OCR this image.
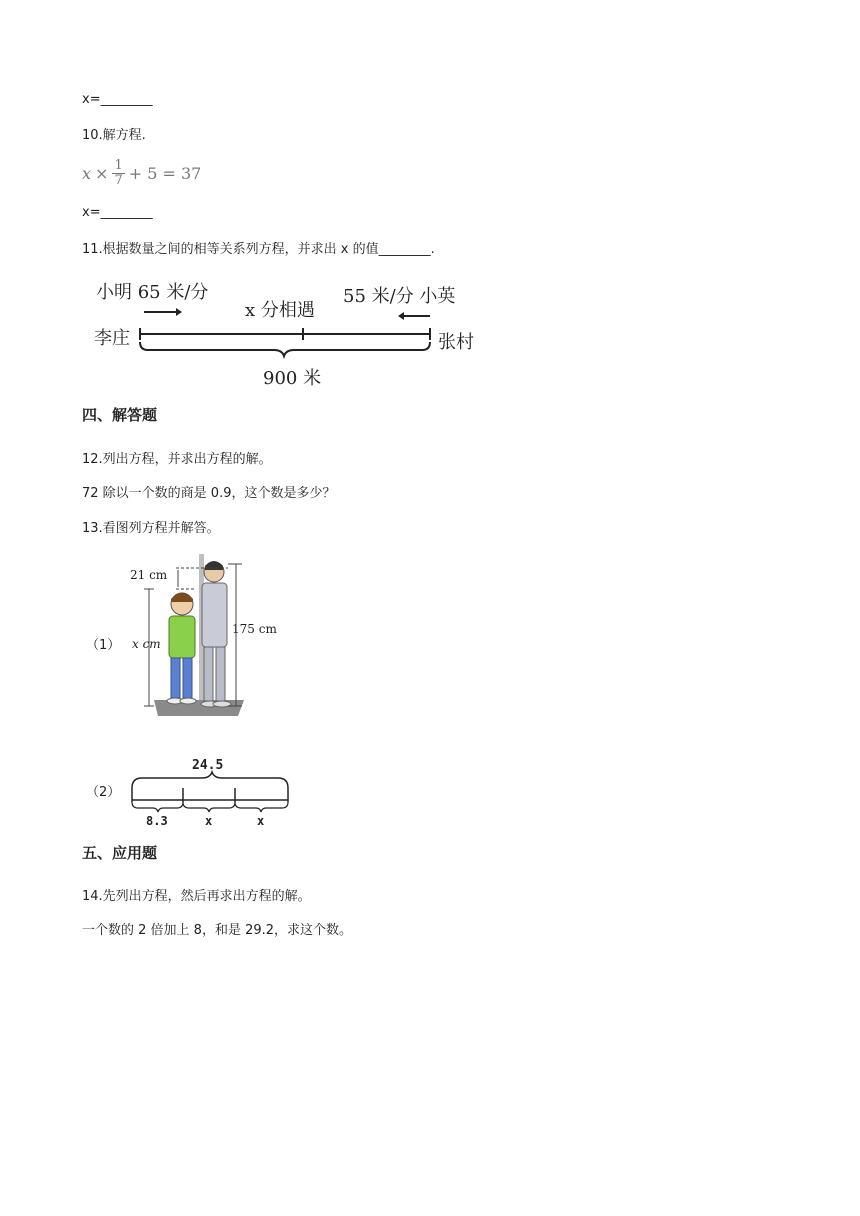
x=________
10.解方程.
$x \times \frac{1}{7} + 5 = 37$
x=________
11.根据数量之间的相等关系列方程，并求出 x 的值________.
小明 65 米/分	55 米/分 小英
x 分相遇
李庄	张村
900 米
四、解答题
12.列出方程，并求出方程的解。
72 除以一个数的商是 0.9，这个数是多少？
13.看图列方程并解答。
（1）
21 cm
x cm
175 cm
（2）
24.5
8.3	x	x
五、应用题
14.先列出方程，然后再求出方程的解。
一个数的 2 倍加上 8，和是 29.2，求这个数。
